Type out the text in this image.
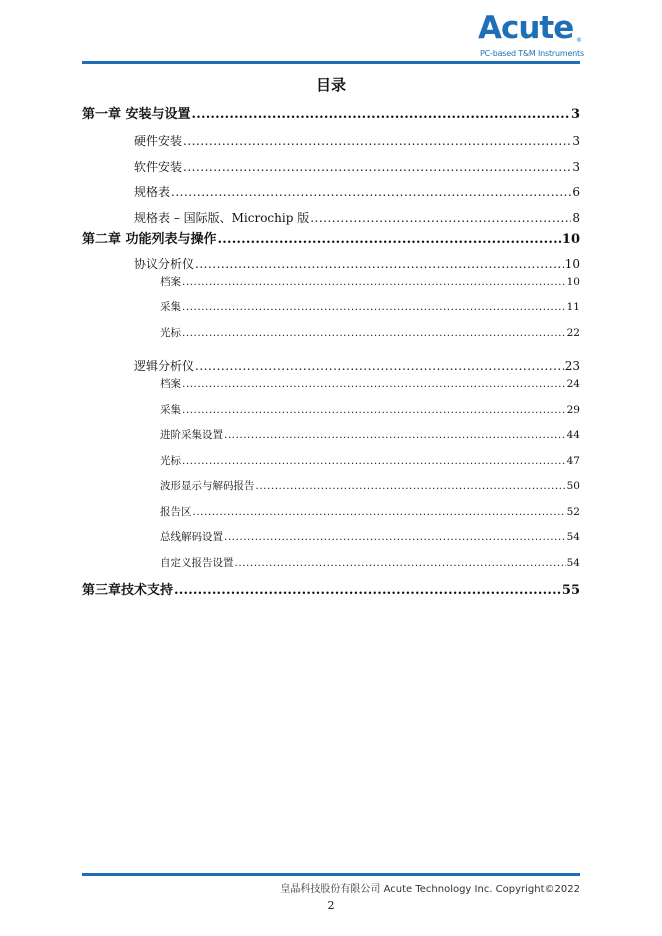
Acute ®
PC-based T&M Instruments
目录
第一章 安装与设置 .....	3
硬件安装 .....	3
软件安装 .....	3
规格表 .....	6
规格表 – 国际版、Microchip 版 .....	8
第二章 功能列表与操作 .....	10
协议分析仪 .....	10
档案 .....	10
采集 .....	11
光标 .....	22
逻辑分析仪 .....	23
档案 .....	24
采集 .....	29
进阶采集设置 .....	44
光标 .....	47
波形显示与解码报告 .....	50
报告区 .....	52
总线解码设置 .....	54
自定义报告设置 .....	54
第三章技术支持 .....	55
皇晶科技股份有限公司 Acute Technology Inc. Copyright©2022
2
